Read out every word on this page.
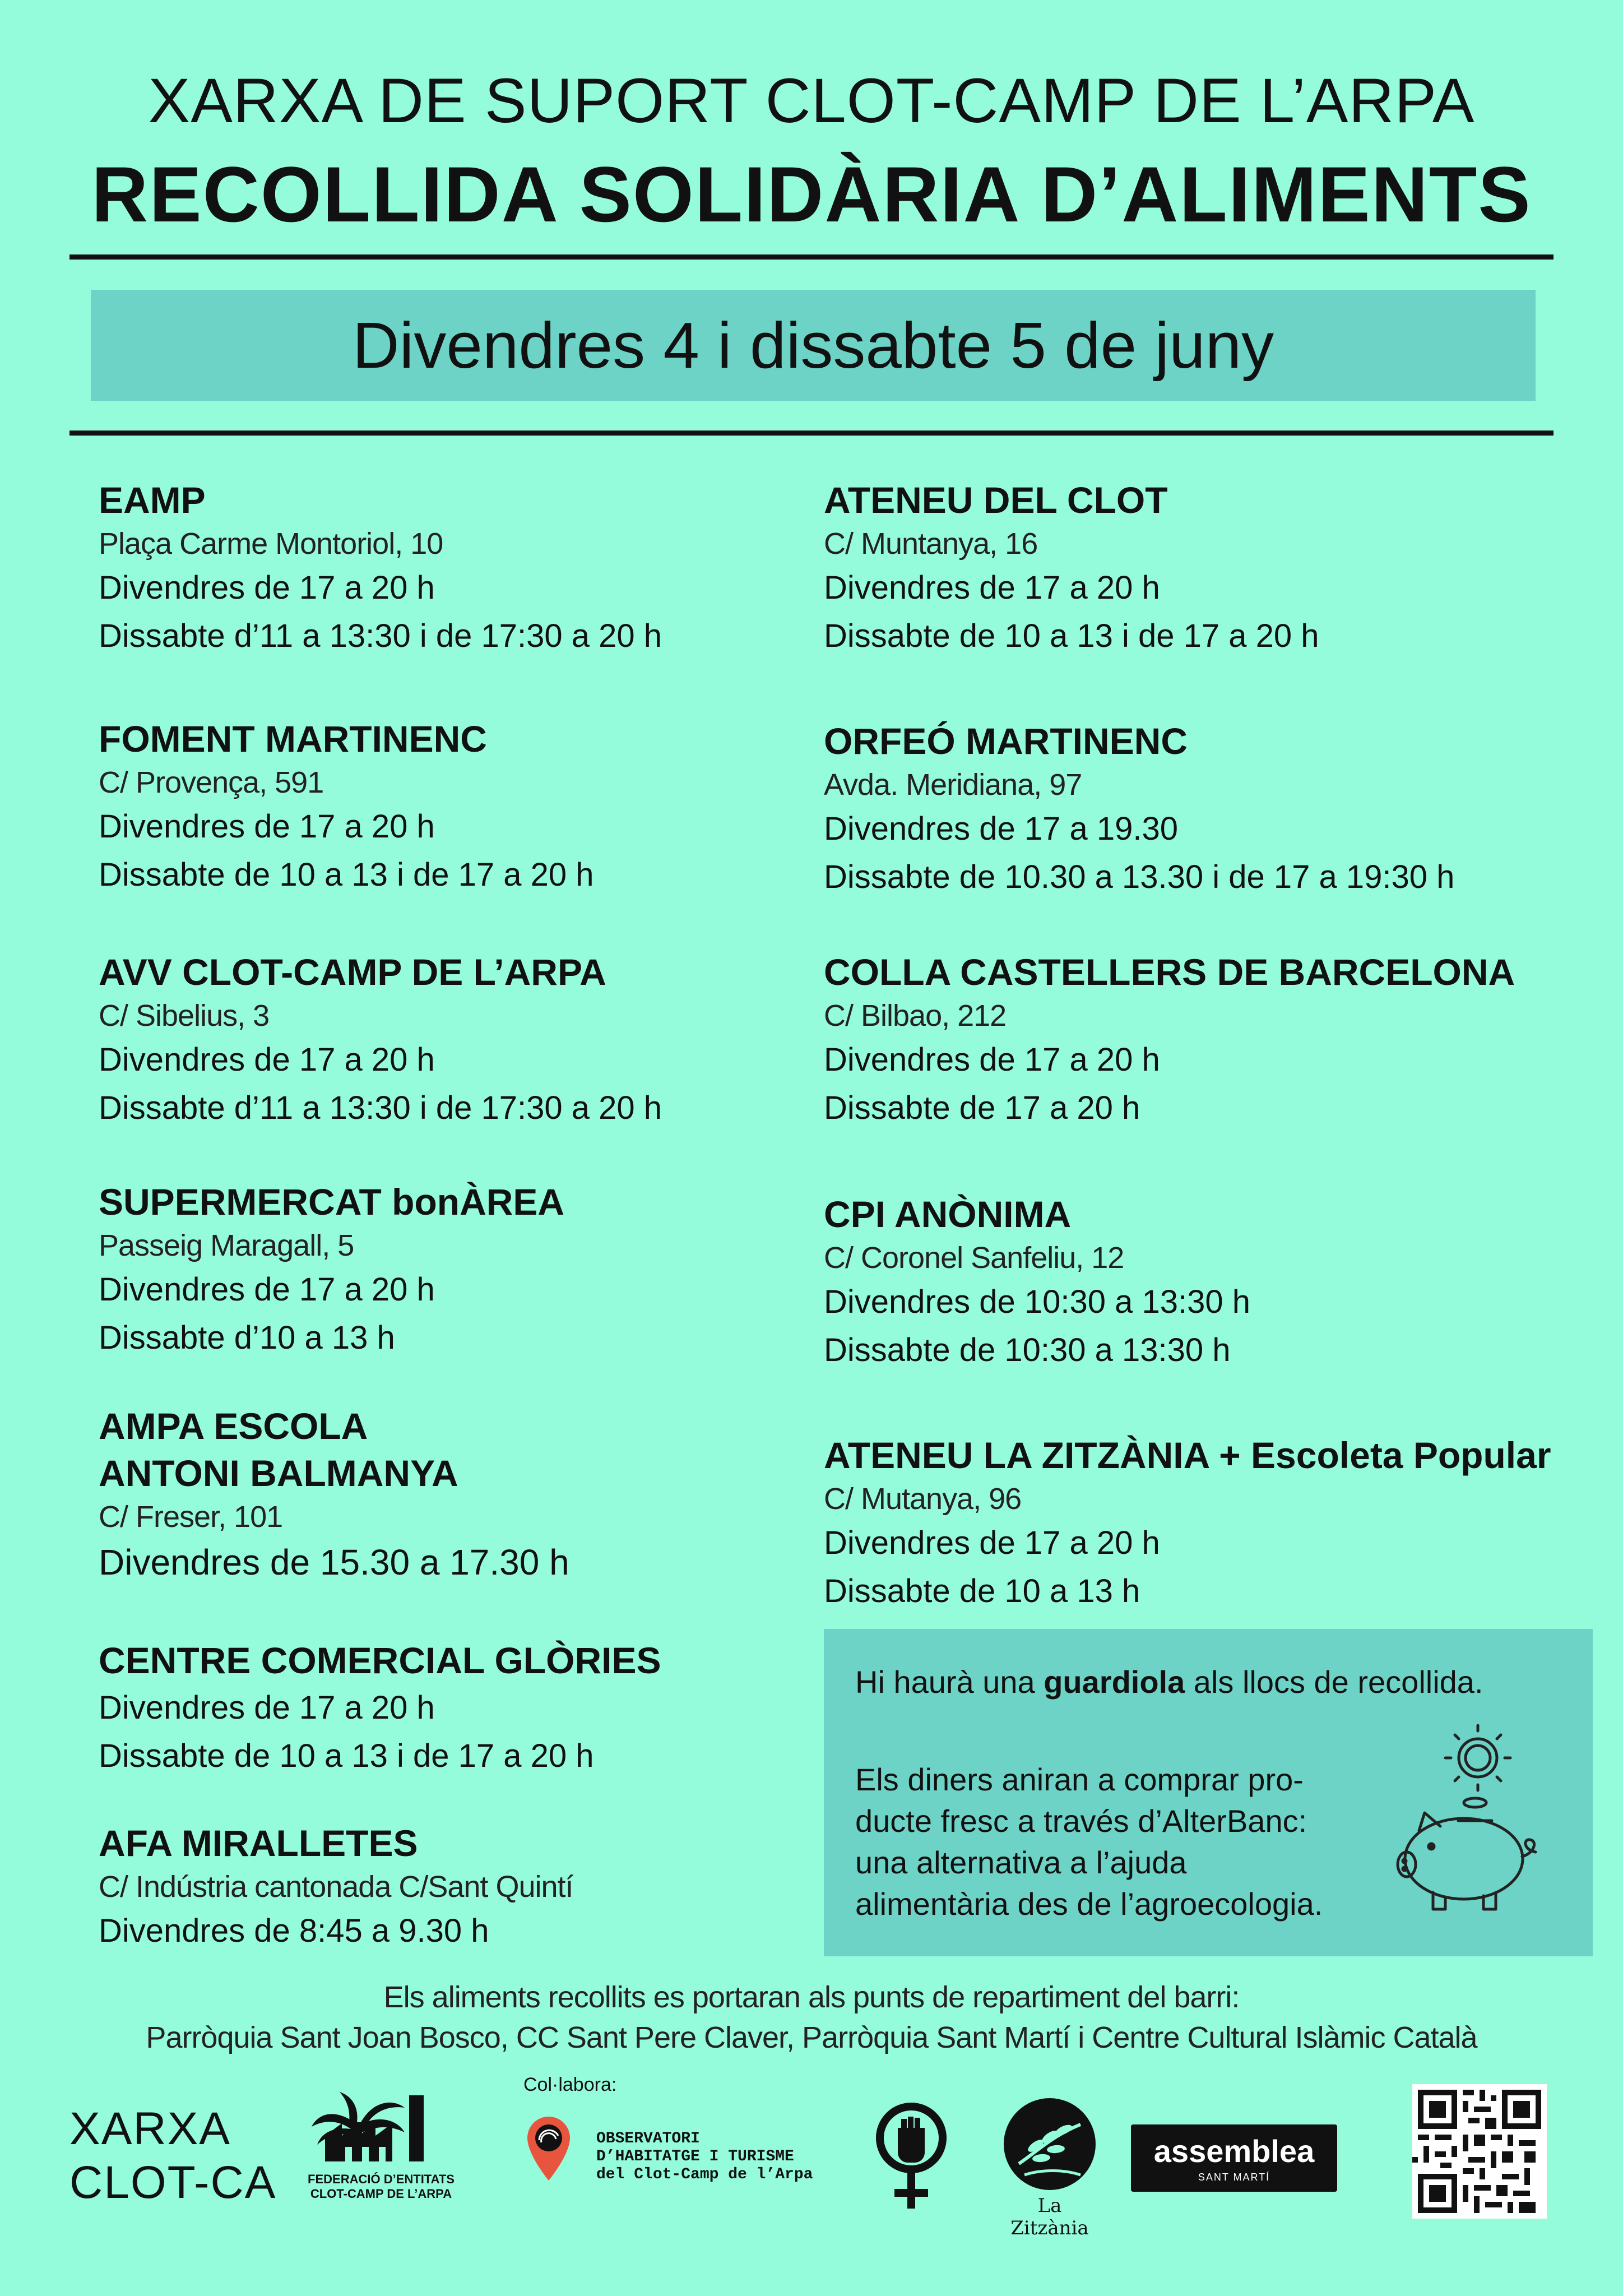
XARXA DE SUPORT CLOT-CAMP DE L’ARPA
RECOLLIDA SOLIDÀRIA D’ALIMENTS
Divendres 4 i dissabte 5 de juny

EAMP

Plaça Carme Montoriol, 10

Divendres de 17 a 20 h

Dissabte d’11 a 13:30 i de 17:30 a 20 h

FOMENT MARTINENC

C/ Provença, 591

Divendres de 17 a 20 h

Dissabte de 10 a 13 i de 17 a 20 h

AVV CLOT-CAMP DE L’ARPA

C/ Sibelius, 3

Divendres de 17 a 20 h

Dissabte d’11 a 13:30 i de 17:30 a 20 h

SUPERMERCAT bonÀREA

Passeig Maragall, 5

Divendres de 17 a 20 h

Dissabte d’10 a 13 h

AMPA ESCOLA

ANTONI BALMANYA

C/ Freser, 101

Divendres de 15.30 a 17.30 h

CENTRE COMERCIAL GLÒRIES

Divendres de 17 a 20 h

Dissabte de 10 a 13 i de 17 a 20 h

AFA MIRALLETES

C/ Indústria cantonada C/Sant Quintí

Divendres de 8:45 a 9.30 h

ATENEU DEL CLOT

C/ Muntanya, 16

Divendres de 17 a 20 h

Dissabte de 10 a 13 i de 17 a 20 h

ORFEÓ MARTINENC

Avda. Meridiana, 97

Divendres de 17 a 19.30

Dissabte de 10.30 a 13.30 i de 17 a 19:30 h

COLLA CASTELLERS DE BARCELONA

C/ Bilbao, 212

Divendres de 17 a 20 h

Dissabte de 17 a 20 h

CPI ANÒNIMA

C/ Coronel Sanfeliu, 12

Divendres de 10:30 a 13:30 h

Dissabte de 10:30 a 13:30 h

ATENEU LA ZITZÀNIA + Escoleta Popular

C/ Mutanya, 96

Divendres de 17 a 20 h

Dissabte de 10 a 13 h

Hi haurà una guardiola als llocs de recollida.
Els diners aniran a comprar pro-
ducte fresc a través d’AlterBanc:
una alternativa a l’ajuda
alimentària des de l’agroecologia.
Els aliments recollits es portaran als punts de repartiment del barri:
Parròquia Sant Joan Bosco, CC Sant Pere Claver, Parròquia Sant Martí i Centre Cultural Islàmic Català
XARXA
CLOT-CA	FEDERACIÓ D’ENTITATS
CLOT-CAMP DE L’ARPA
Col·labora:
OBSERVATORI
D’HABITATGE I TURISME
del Clot-Camp de l’Arpa
La Zitzània
assemblea
SANT MARTÍ
